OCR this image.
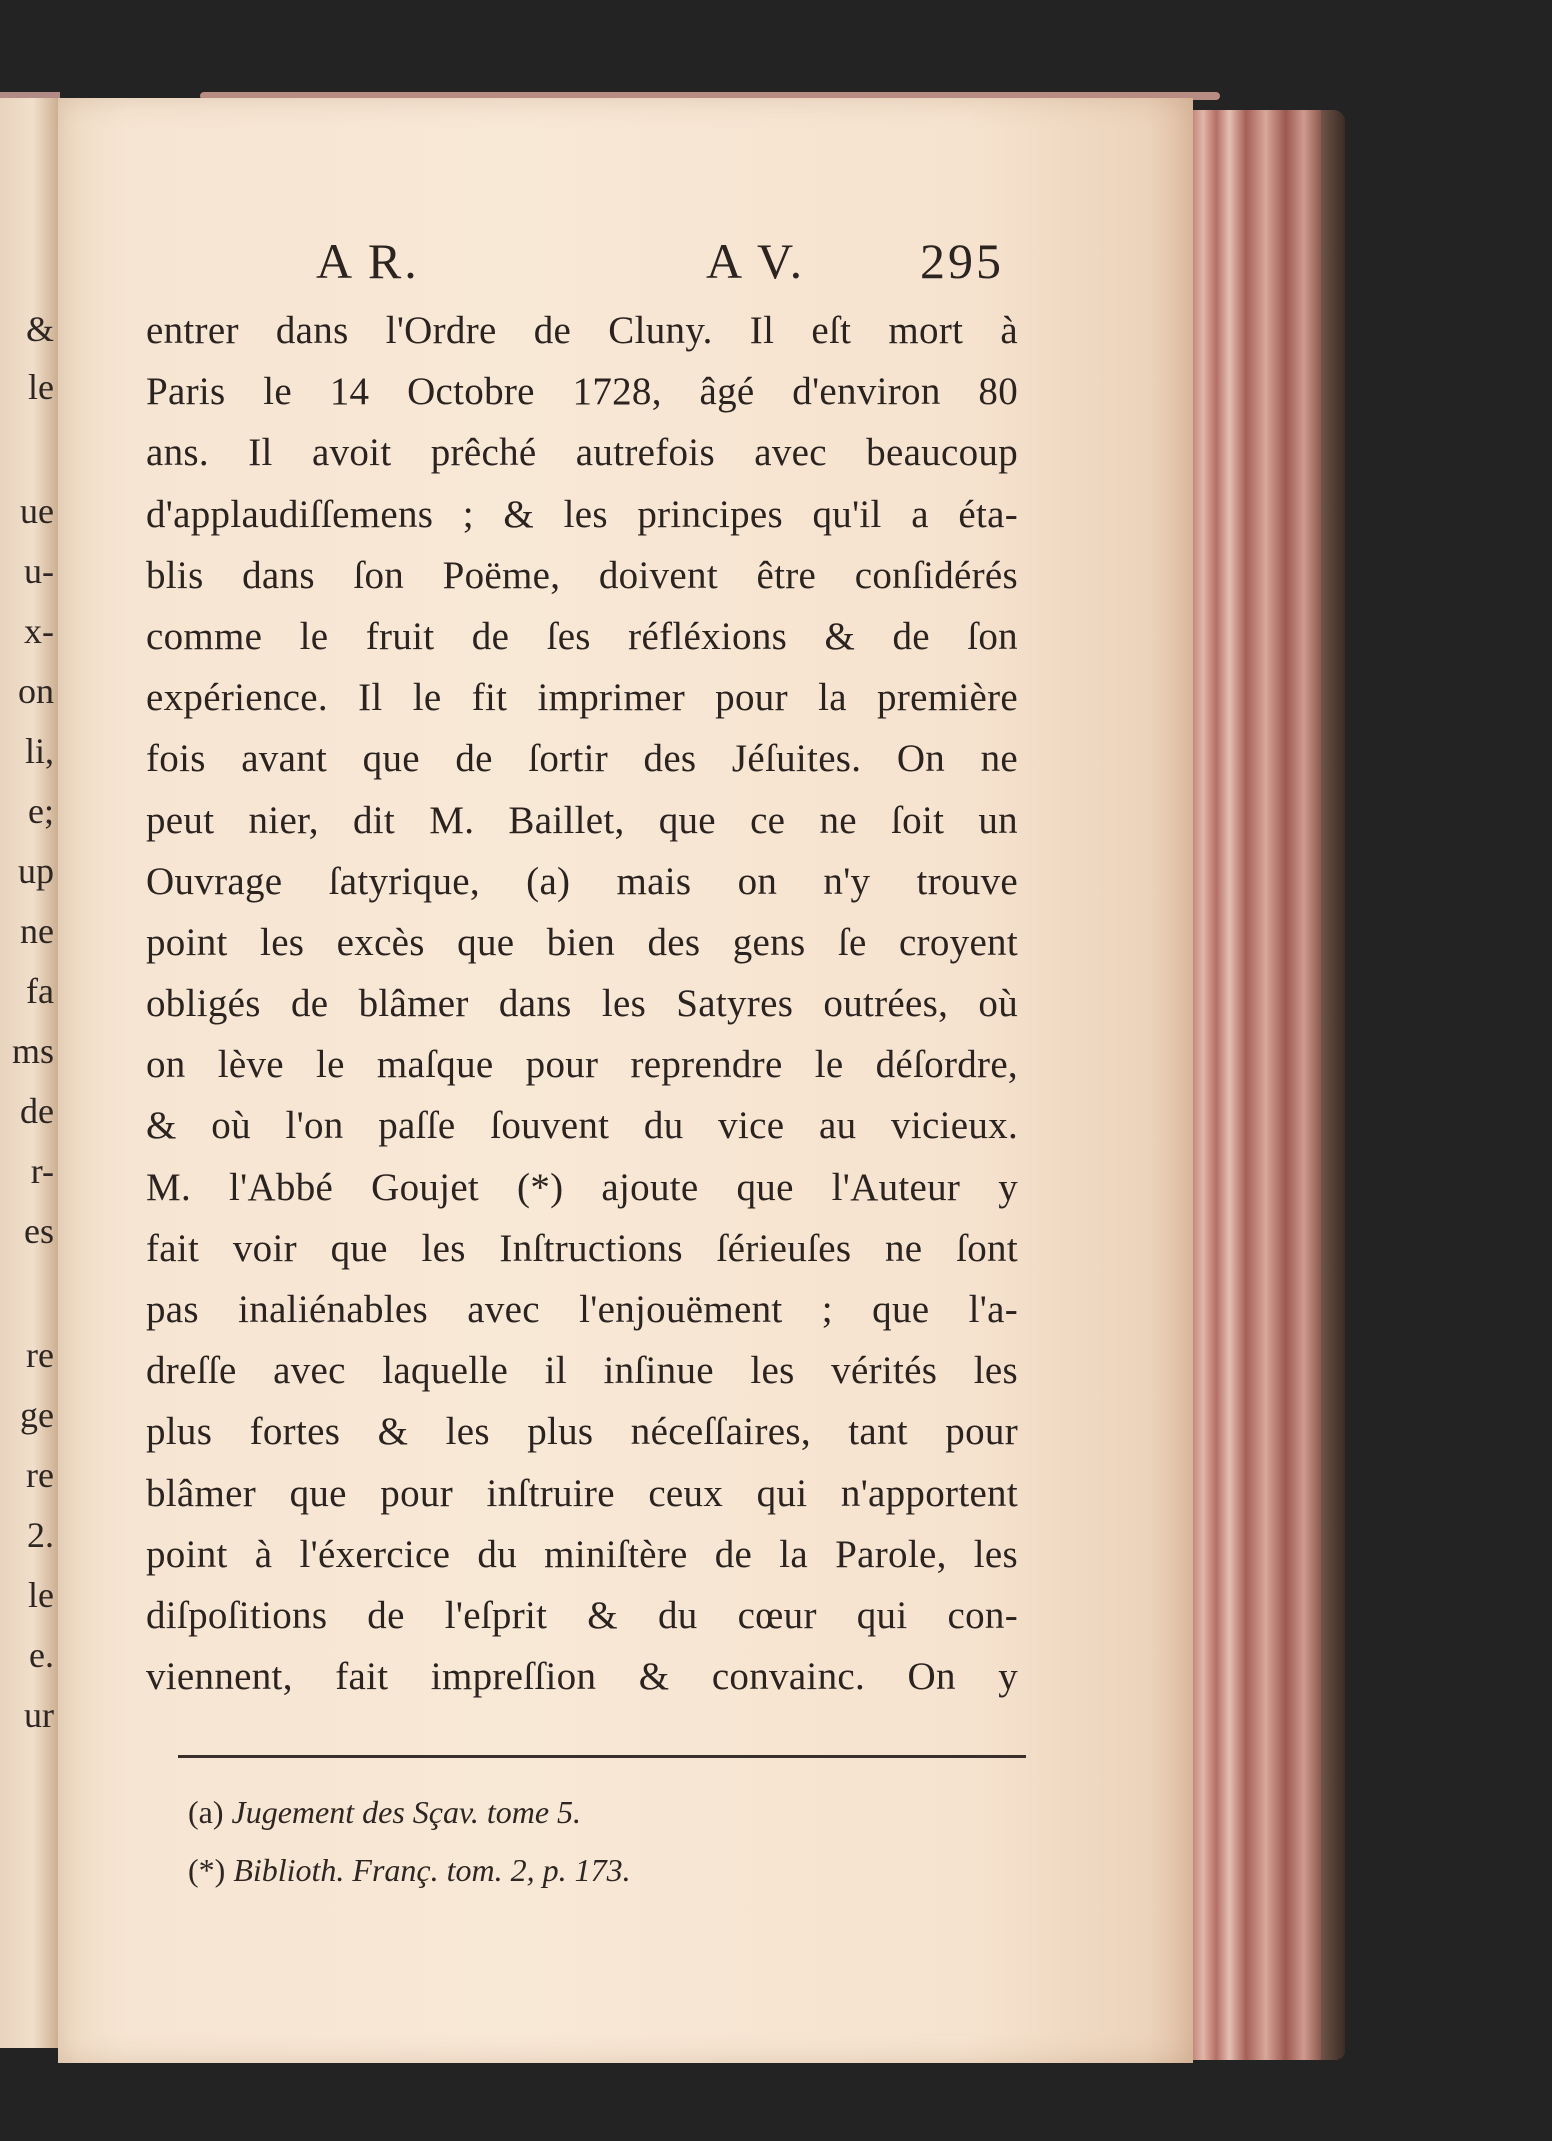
&
le
ue
u-
x-
on
li,
e;
up
ne
fa
ms
de
r-
es
re
ge
re
2.
le
e.
ur
A R.	A V. 295
entrer dans l'Ordre de Cluny. Il eſt mort à
Paris le 14 Octobre 1728, âgé d'environ 80
ans. Il avoit prêché autrefois avec beaucoup
d'applaudiſſemens ; & les principes qu'il a éta-
blis dans ſon Poëme, doivent être conſidérés
comme le fruit de ſes réfléxions & de ſon
expérience. Il le fit imprimer pour la première
fois avant que de ſortir des Jéſuites. On ne
peut nier, dit M. Baillet, que ce ne ſoit un
Ouvrage ſatyrique, (a) mais on n'y trouve
point les excès que bien des gens ſe croyent
obligés de blâmer dans les Satyres outrées, où
on lève le maſque pour reprendre le déſordre,
& où l'on paſſe ſouvent du vice au vicieux.
M. l'Abbé Goujet (*) ajoute que l'Auteur y
fait voir que les Inſtructions ſérieuſes ne ſont
pas inaliénables avec l'enjouëment ; que l'a-
dreſſe avec laquelle il inſinue les vérités les
plus fortes & les plus néceſſaires, tant pour
blâmer que pour inſtruire ceux qui n'apportent
point à l'éxercice du miniſtère de la Parole, les
diſpoſitions de l'eſprit & du cœur qui con-
viennent, fait impreſſion & convainc. On y
(a) Jugement des Sçav. tome 5.
(*) Biblioth. Franç. tom. 2, p. 173.
